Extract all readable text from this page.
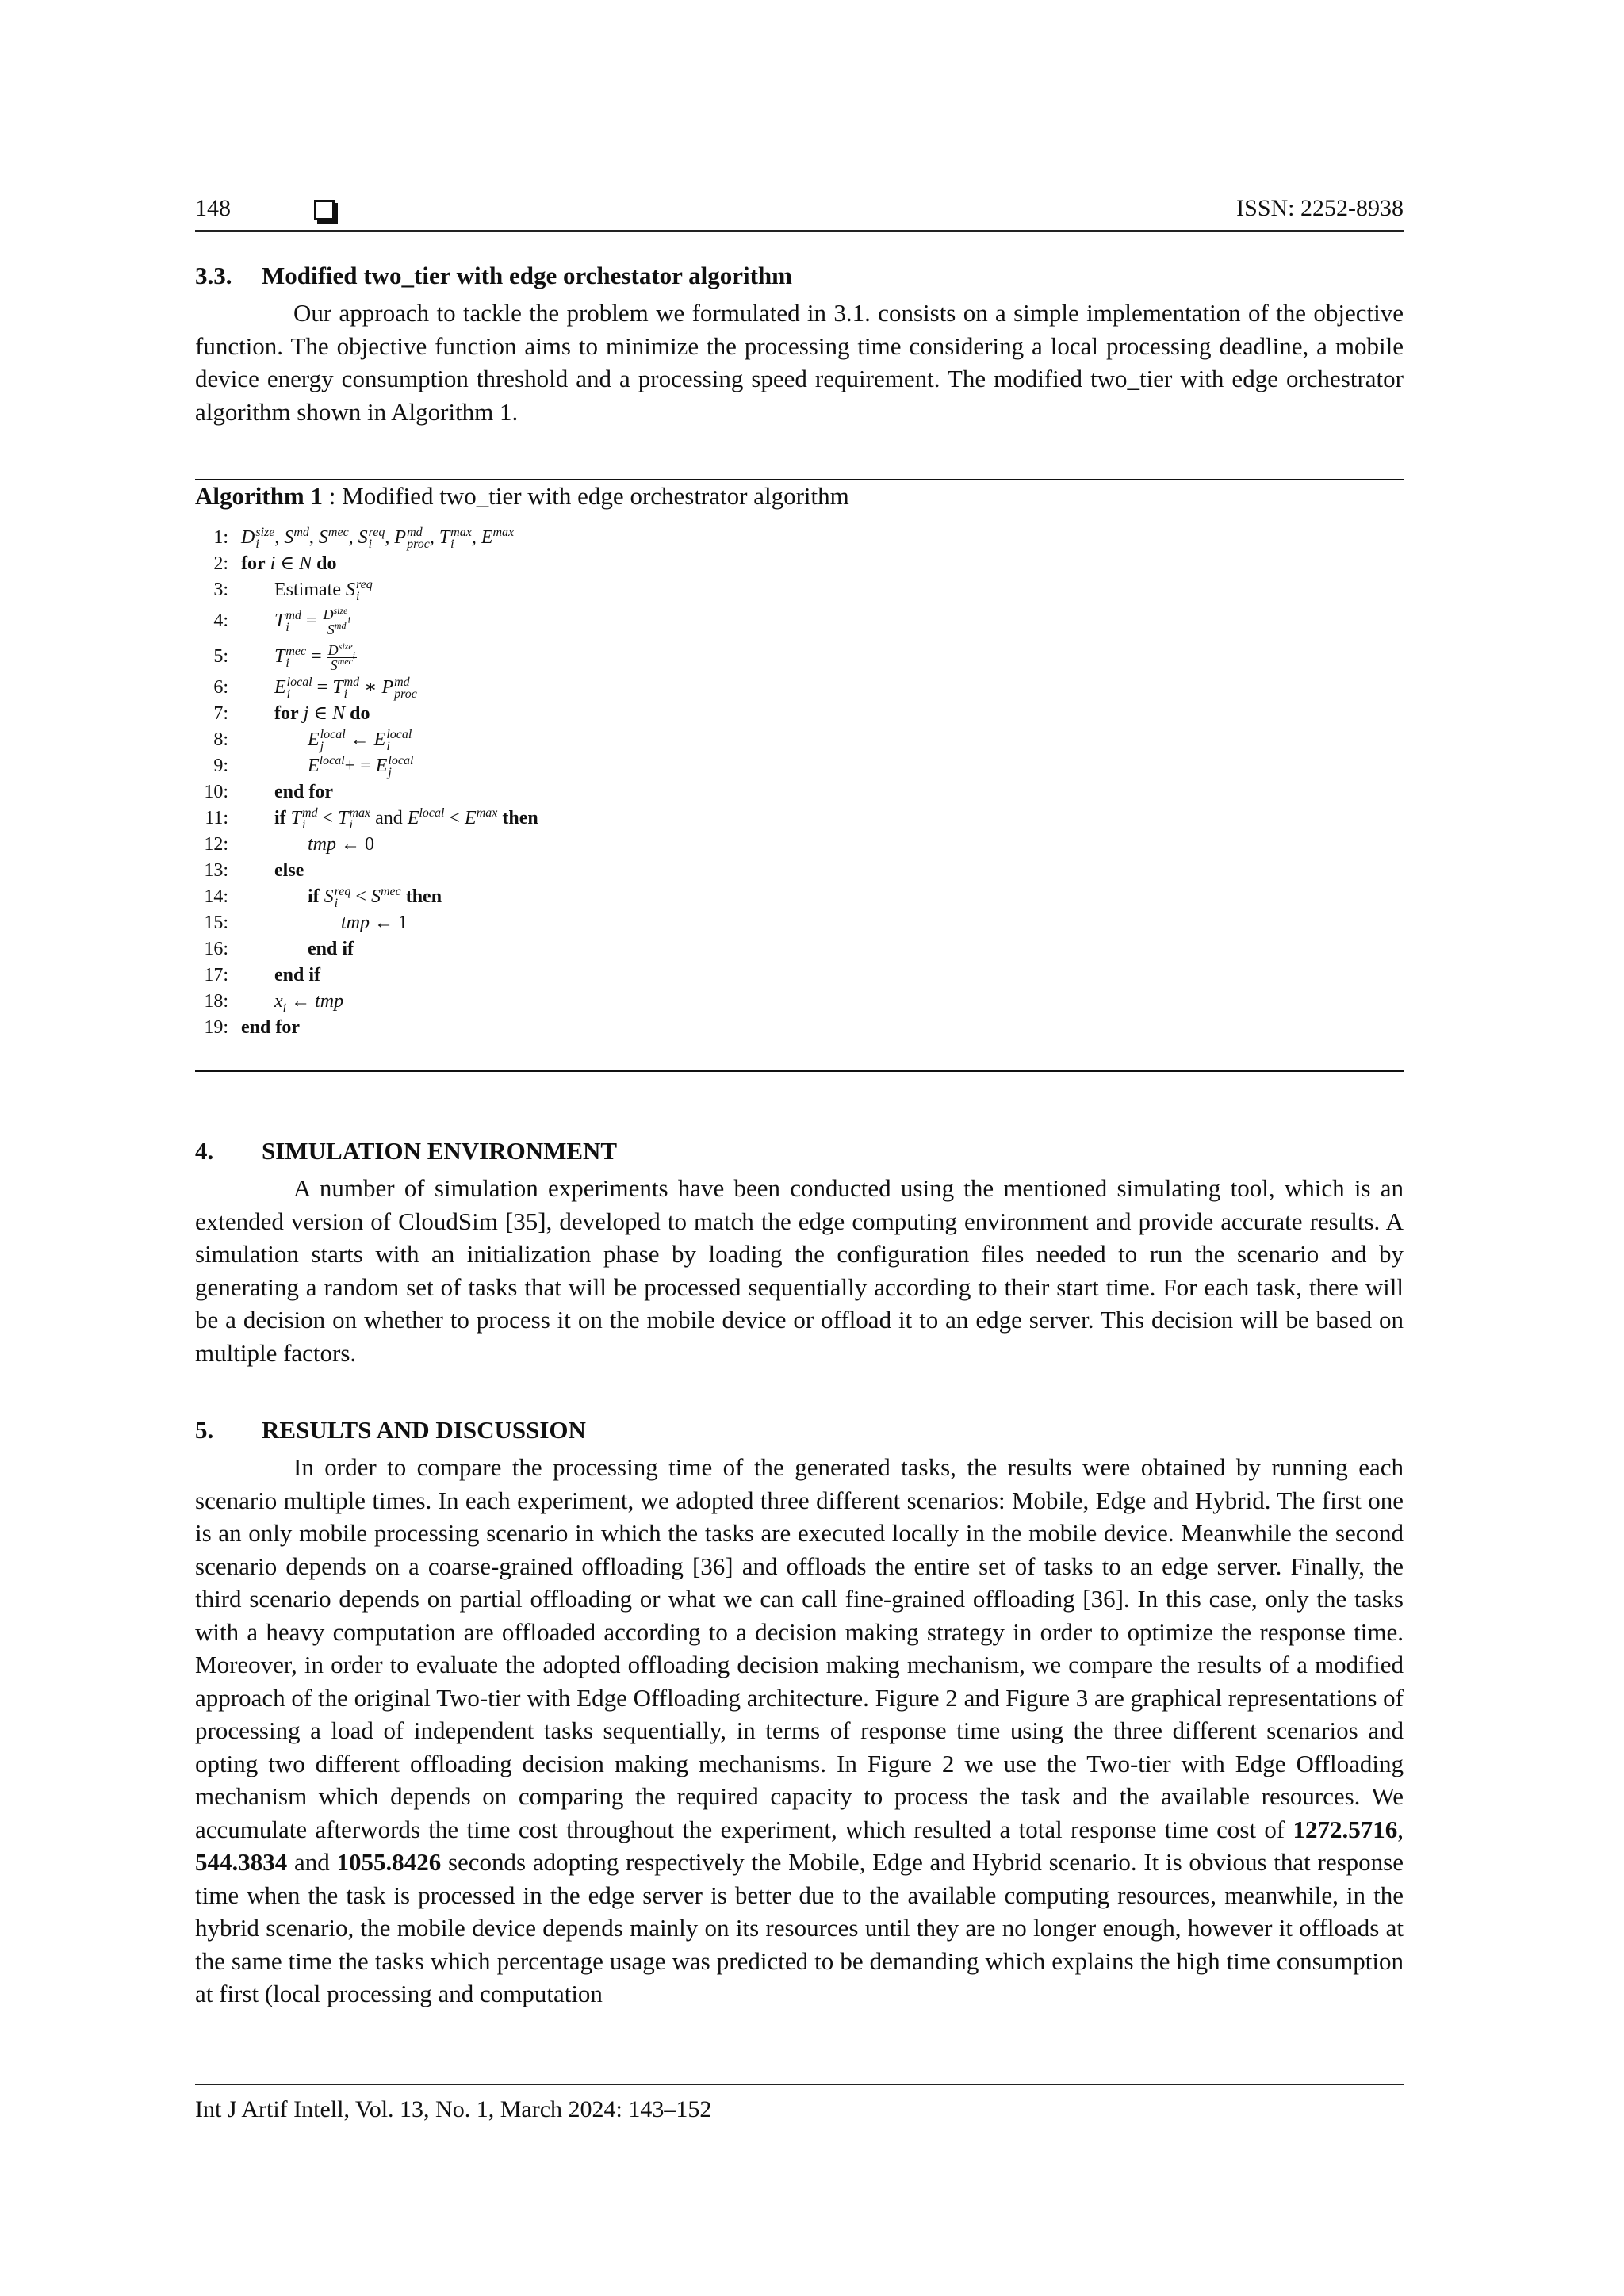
148	ISSN: 2252-8938
3.3. Modified two_tier with edge orchestator algorithm

Our approach to tackle the problem we formulated in 3.1. consists on a simple implementation of the objective function. The objective function aims to minimize the processing time considering a local processing deadline, a mobile device energy consumption threshold and a processing speed requirement. The modified two_tier with edge orchestrator algorithm shown in Algorithm 1.

Algorithm 1 : Modified two_tier with edge orchestrator algorithm
1: D size
i , $S^{md}$, $S^{mec}$, S req
i , P md
proc , T max
i , $E^{max}$
2: for i ∈ N do
3: Estimate S req
i
4: T md
$i = D^{size}_i$
$S^{md}$
5: T mec
i	= $D^{size}_i$
$S^{mec}$
6: E local
i	= T md
i ∗ P md
proc
7: for j ∈ N do
8:	E local
j	← E local
i
9:	$E^{local}+ = E$ local
j
10: end for
11: if T md
i < T max
i	and $E^{local} < E^{max}$ then
12:	tmp ← 0
13: else
14:	if S req
$i < S^{mec}$ then
15:	tmp ← 1
16:	end if
17: end if
18: $x_i$ ← tmp
19: end for
4. SIMULATION ENVIRONMENT

A number of simulation experiments have been conducted using the mentioned simulating tool, which is an extended version of CloudSim [35], developed to match the edge computing environment and provide accurate results. A simulation starts with an initialization phase by loading the configuration files needed to run the scenario and by generating a random set of tasks that will be processed sequentially according to their start time. For each task, there will be a decision on whether to process it on the mobile device or offload it to an edge server. This decision will be based on multiple factors.

5. RESULTS AND DISCUSSION

In order to compare the processing time of the generated tasks, the results were obtained by running each scenario multiple times. In each experiment, we adopted three different scenarios: Mobile, Edge and Hybrid. The first one is an only mobile processing scenario in which the tasks are executed locally in the mobile device. Meanwhile the second scenario depends on a coarse-grained offloading [36] and offloads the entire set of tasks to an edge server. Finally, the third scenario depends on partial offloading or what we can call fine-grained offloading [36]. In this case, only the tasks with a heavy computation are offloaded according to a decision making strategy in order to optimize the response time. Moreover, in order to evaluate the adopted offloading decision making mechanism, we compare the results of a modified approach of the original Two-tier with Edge Offloading architecture. Figure 2 and Figure 3 are graphical representations of processing a load of independent tasks sequentially, in terms of response time using the three different scenarios and opting two different offloading decision making mechanisms. In Figure 2 we use the Two-tier with Edge Offloading mechanism which depends on comparing the required capacity to process the task and the available resources. We accumulate afterwords the time cost throughout the experiment, which resulted a total response time cost of 1272.5716, 544.3834 and 1055.8426 seconds adopting respectively the Mobile, Edge and Hybrid scenario. It is obvious that response time when the task is processed in the edge server is better due to the available computing resources, meanwhile, in the hybrid scenario, the mobile device depends mainly on its resources until they are no longer enough, however it offloads at the same time the tasks which percentage usage was predicted to be demanding which explains the high time consumption at first (local processing and computation

Int J Artif Intell, Vol. 13, No. 1, March 2024: 143–152
